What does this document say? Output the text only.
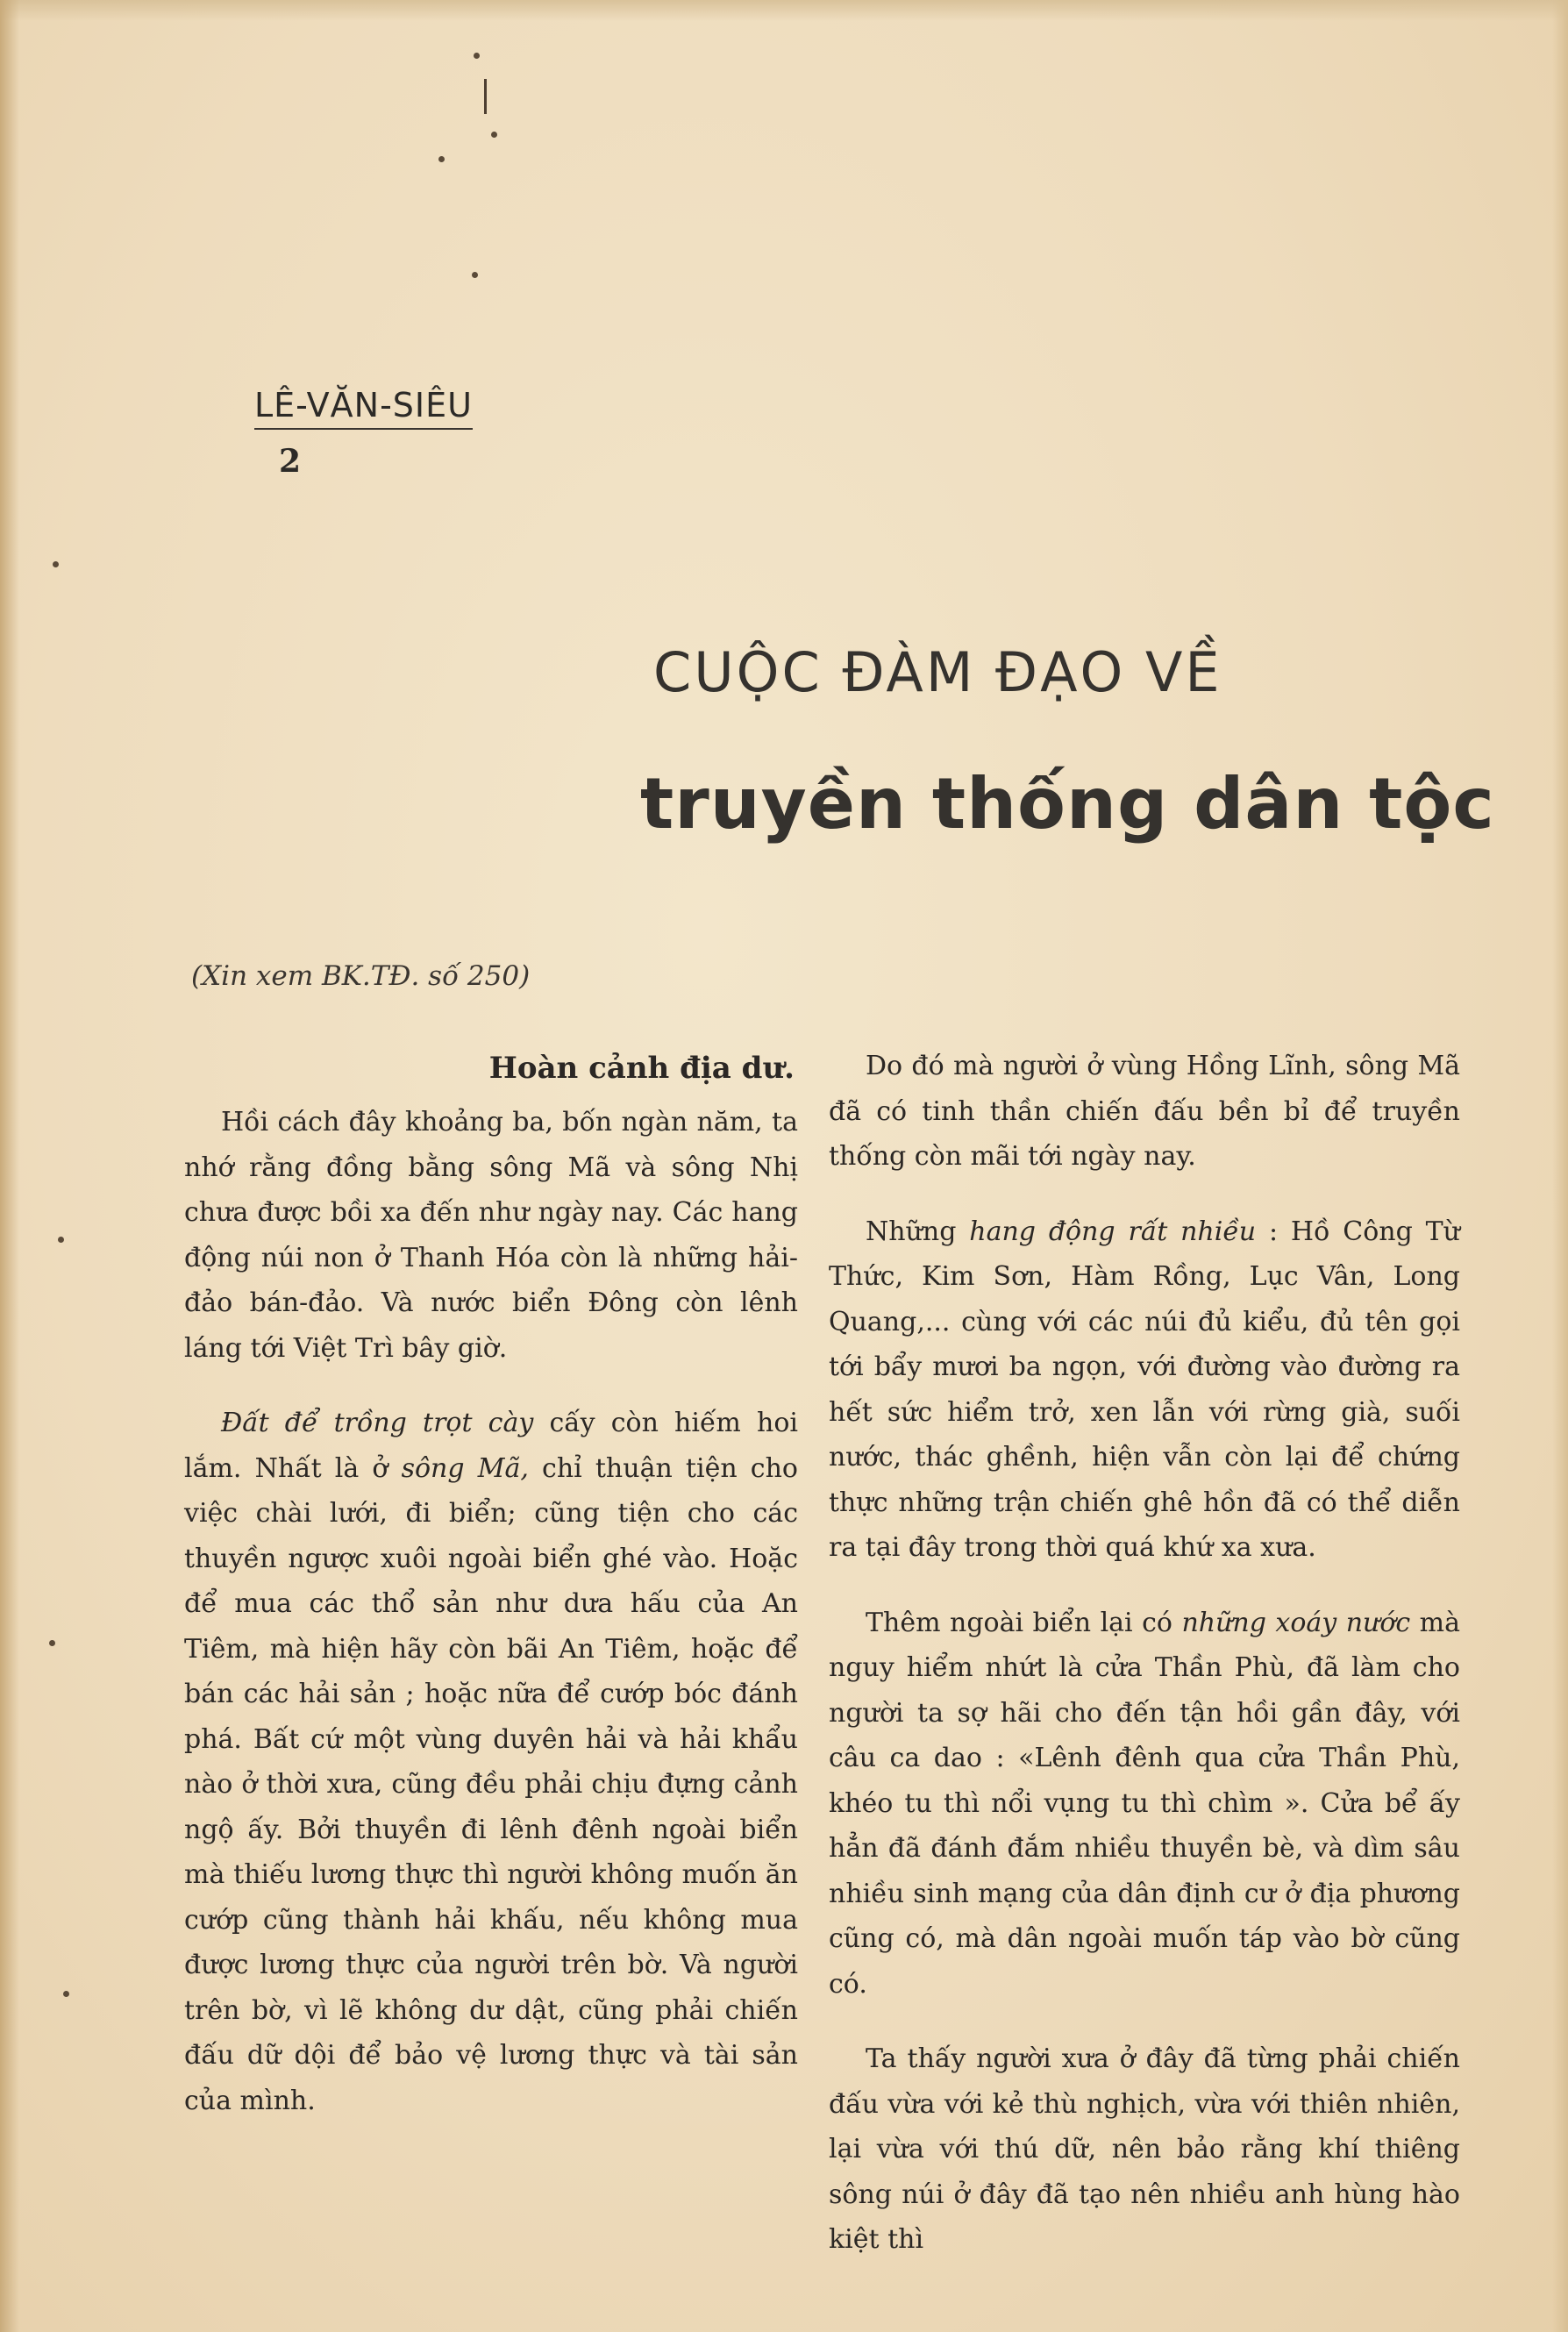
LÊ-VĂN-SIÊU
2
CUỘC ĐÀM ĐẠO VỀ
truyền thống dân tộc
(Xin xem BK.TĐ. số 250)
Hoàn cảnh địa dư.

Hồi cách đây khoảng ba, bốn ngàn năm, ta nhớ rằng đồng bằng sông Mã và sông Nhị chưa được bồi xa đến như ngày nay. Các hang động núi non ở Thanh Hóa còn là những hải-đảo bán-đảo. Và nước biển Đông còn lênh láng tới Việt Trì bây giờ.

Đất để trồng trọt cày cấy còn hiếm hoi lắm. Nhất là ở sông Mã, chỉ thuận tiện cho việc chài lưới, đi biển; cũng tiện cho các thuyền ngược xuôi ngoài biển ghé vào. Hoặc để mua các thổ sản như dưa hấu của An Tiêm, mà hiện hãy còn bãi An Tiêm, hoặc để bán các hải sản ; hoặc nữa để cướp bóc đánh phá. Bất cứ một vùng duyên hải và hải khẩu nào ở thời xưa, cũng đều phải chịu đựng cảnh ngộ ấy. Bởi thuyền đi lênh đênh ngoài biển mà thiếu lương thực thì người không muốn ăn cướp cũng thành hải khấu, nếu không mua được lương thực của người trên bờ. Và người trên bờ, vì lẽ không dư dật, cũng phải chiến đấu dữ dội để bảo vệ lương thực và tài sản của mình.

Do đó mà người ở vùng Hồng Lĩnh, sông Mã đã có tinh thần chiến đấu bền bỉ để truyền thống còn mãi tới ngày nay.

Những hang động rất nhiều : Hồ Công Từ Thức, Kim Sơn, Hàm Rồng, Lục Vân, Long Quang,... cùng với các núi đủ kiểu, đủ tên gọi tới bẩy mươi ba ngọn, với đường vào đường ra hết sức hiểm trở, xen lẫn với rừng già, suối nước, thác ghềnh, hiện vẫn còn lại để chứng thực những trận chiến ghê hồn đã có thể diễn ra tại đây trong thời quá khứ xa xưa.

Thêm ngoài biển lại có những xoáy nước mà nguy hiểm nhứt là cửa Thần Phù, đã làm cho người ta sợ hãi cho đến tận hồi gần đây, với câu ca dao : «Lênh đênh qua cửa Thần Phù, khéo tu thì nổi vụng tu thì chìm ». Cửa bể ấy hẳn đã đánh đắm nhiều thuyền bè, và dìm sâu nhiều sinh mạng của dân định cư ở địa phương cũng có, mà dân ngoài muốn táp vào bờ cũng có.

Ta thấy người xưa ở đây đã từng phải chiến đấu vừa với kẻ thù nghịch, vừa với thiên nhiên, lại vừa với thú dữ, nên bảo rằng khí thiêng sông núi ở đây đã tạo nên nhiều anh hùng hào kiệt thì
